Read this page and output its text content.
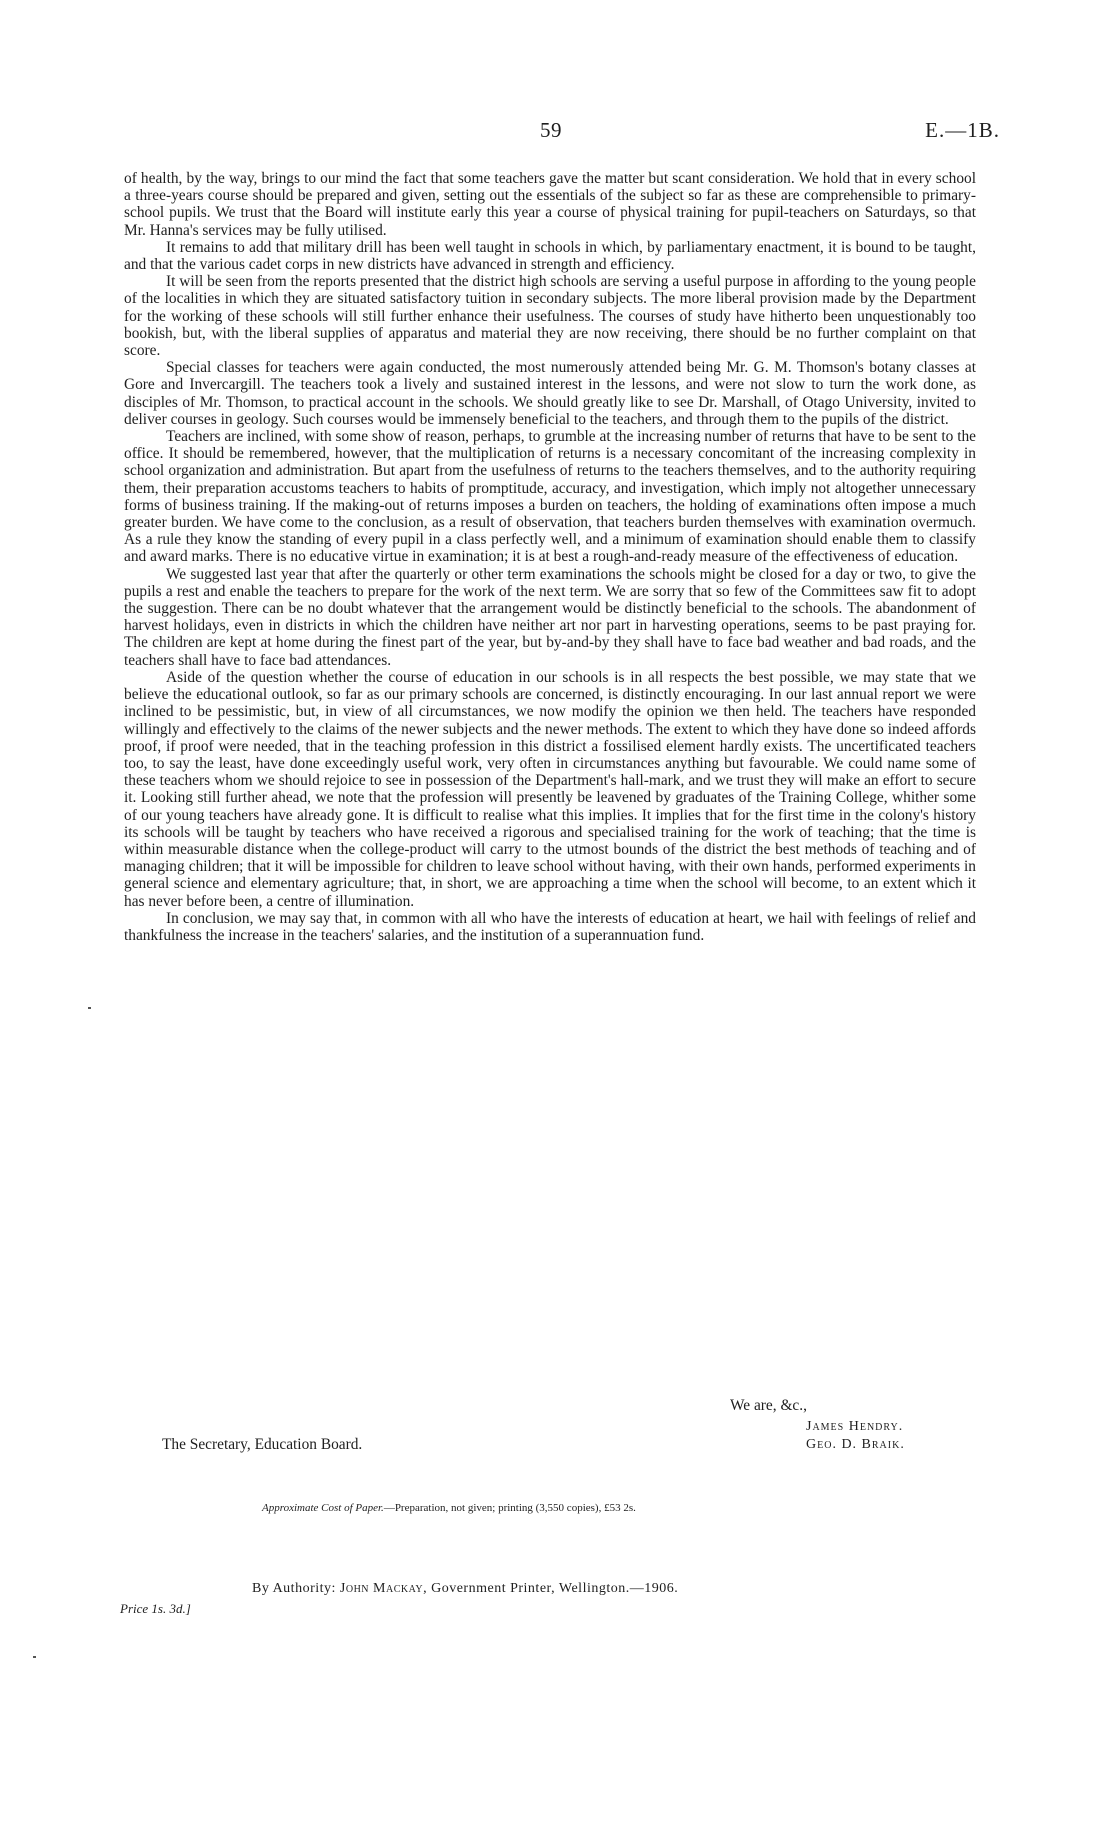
59	E.—1B.

of health, by the way, brings to our mind the fact that some teachers gave the matter but scant consideration. We hold that in every school a three-years course should be prepared and given, setting out the essentials of the subject so far as these are comprehensible to primary-school pupils. We trust that the Board will institute early this year a course of physical training for pupil-teachers on Saturdays, so that Mr. Hanna's services may be fully utilised.

It remains to add that military drill has been well taught in schools in which, by parliamentary enactment, it is bound to be taught, and that the various cadet corps in new districts have advanced in strength and efficiency.

It will be seen from the reports presented that the district high schools are serving a useful purpose in affording to the young people of the localities in which they are situated satisfactory tuition in secondary subjects. The more liberal provision made by the Department for the working of these schools will still further enhance their usefulness. The courses of study have hitherto been unquestionably too bookish, but, with the liberal supplies of apparatus and material they are now receiving, there should be no further complaint on that score.

Special classes for teachers were again conducted, the most numerously attended being Mr. G. M. Thomson's botany classes at Gore and Invercargill. The teachers took a lively and sustained interest in the lessons, and were not slow to turn the work done, as disciples of Mr. Thomson, to practical account in the schools. We should greatly like to see Dr. Marshall, of Otago University, invited to deliver courses in geology. Such courses would be immensely beneficial to the teachers, and through them to the pupils of the district.

Teachers are inclined, with some show of reason, perhaps, to grumble at the increasing number of returns that have to be sent to the office. It should be remembered, however, that the multiplication of returns is a necessary concomitant of the increasing complexity in school organization and administration. But apart from the usefulness of returns to the teachers themselves, and to the authority requiring them, their preparation accustoms teachers to habits of promptitude, accuracy, and investigation, which imply not altogether unnecessary forms of business training. If the making-out of returns imposes a burden on teachers, the holding of examinations often impose a much greater burden. We have come to the conclusion, as a result of observation, that teachers burden themselves with examination overmuch. As a rule they know the standing of every pupil in a class perfectly well, and a minimum of examination should enable them to classify and award marks. There is no educative virtue in examination; it is at best a rough-and-ready measure of the effectiveness of education.

We suggested last year that after the quarterly or other term examinations the schools might be closed for a day or two, to give the pupils a rest and enable the teachers to prepare for the work of the next term. We are sorry that so few of the Committees saw fit to adopt the suggestion. There can be no doubt whatever that the arrangement would be distinctly beneficial to the schools. The abandonment of harvest holidays, even in districts in which the children have neither art nor part in harvesting operations, seems to be past praying for. The children are kept at home during the finest part of the year, but by-and-by they shall have to face bad weather and bad roads, and the teachers shall have to face bad attendances.

Aside of the question whether the course of education in our schools is in all respects the best possible, we may state that we believe the educational outlook, so far as our primary schools are concerned, is distinctly encouraging. In our last annual report we were inclined to be pessimistic, but, in view of all circumstances, we now modify the opinion we then held. The teachers have responded willingly and effectively to the claims of the newer subjects and the newer methods. The extent to which they have done so indeed affords proof, if proof were needed, that in the teaching profession in this district a fossilised element hardly exists. The uncertificated teachers too, to say the least, have done exceedingly useful work, very often in circumstances anything but favourable. We could name some of these teachers whom we should rejoice to see in possession of the Department's hall-mark, and we trust they will make an effort to secure it. Looking still further ahead, we note that the profession will presently be leavened by graduates of the Training College, whither some of our young teachers have already gone. It is difficult to realise what this implies. It implies that for the first time in the colony's history its schools will be taught by teachers who have received a rigorous and specialised training for the work of teaching; that the time is within measurable distance when the college-product will carry to the utmost bounds of the district the best methods of teaching and of managing children; that it will be impossible for children to leave school without having, with their own hands, performed experiments in general science and elementary agriculture; that, in short, we are approaching a time when the school will become, to an extent which it has never before been, a centre of illumination.

In conclusion, we may say that, in common with all who have the interests of education at heart, we hail with feelings of relief and thankfulness the increase in the teachers' salaries, and the institution of a superannuation fund.

We are, &c.,
James Hendry.
Geo. D. Braik.
The Secretary, Education Board.
Approximate Cost of Paper.—Preparation, not given; printing (3,550 copies), £53 2s.
By Authority: John Mackay, Government Printer, Wellington.—1906.
Price 1s. 3d.]
